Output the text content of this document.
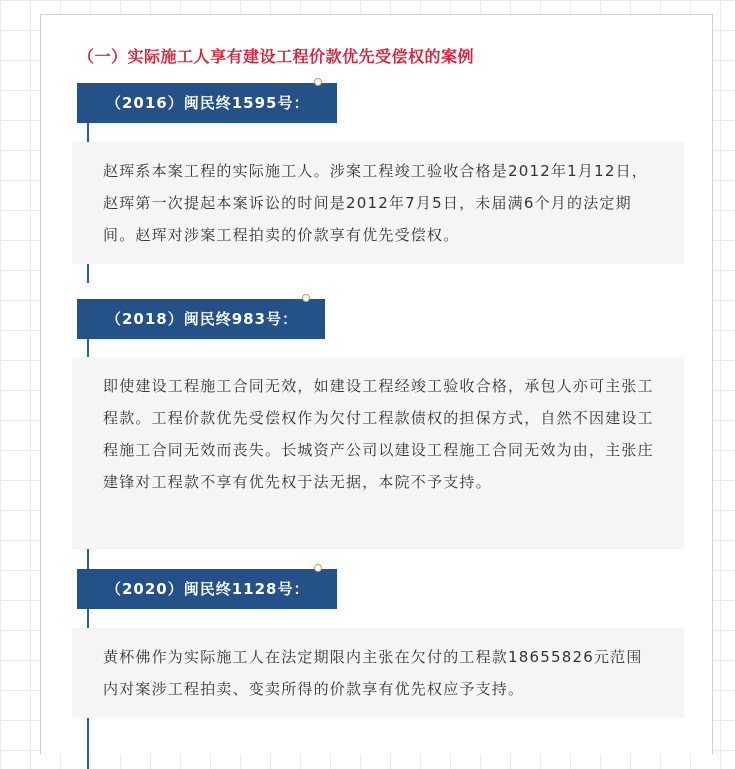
（一）实际施工人享有建设工程价款优先受偿权的案例
赵珲系本案工程的实际施工人。涉案工程竣工验收合格是2012年1月12日，赵珲第一次提起本案诉讼的时间是2012年7月5日，未届满6个月的法定期间。赵珲对涉案工程拍卖的价款享有优先受偿权。
（2016）闽民终1595号：
即使建设工程施工合同无效，如建设工程经竣工验收合格，承包人亦可主张工程款。工程价款优先受偿权作为欠付工程款债权的担保方式，自然不因建设工程施工合同无效而丧失。长城资产公司以建设工程施工合同无效为由，主张庄建锋对工程款不享有优先权于法无据，本院不予支持。
（2018）闽民终983号：
黄杯佛作为实际施工人在法定期限内主张在欠付的工程款18655826元范围内对案涉工程拍卖、变卖所得的价款享有优先权应予支持。
（2020）闽民终1128号：
